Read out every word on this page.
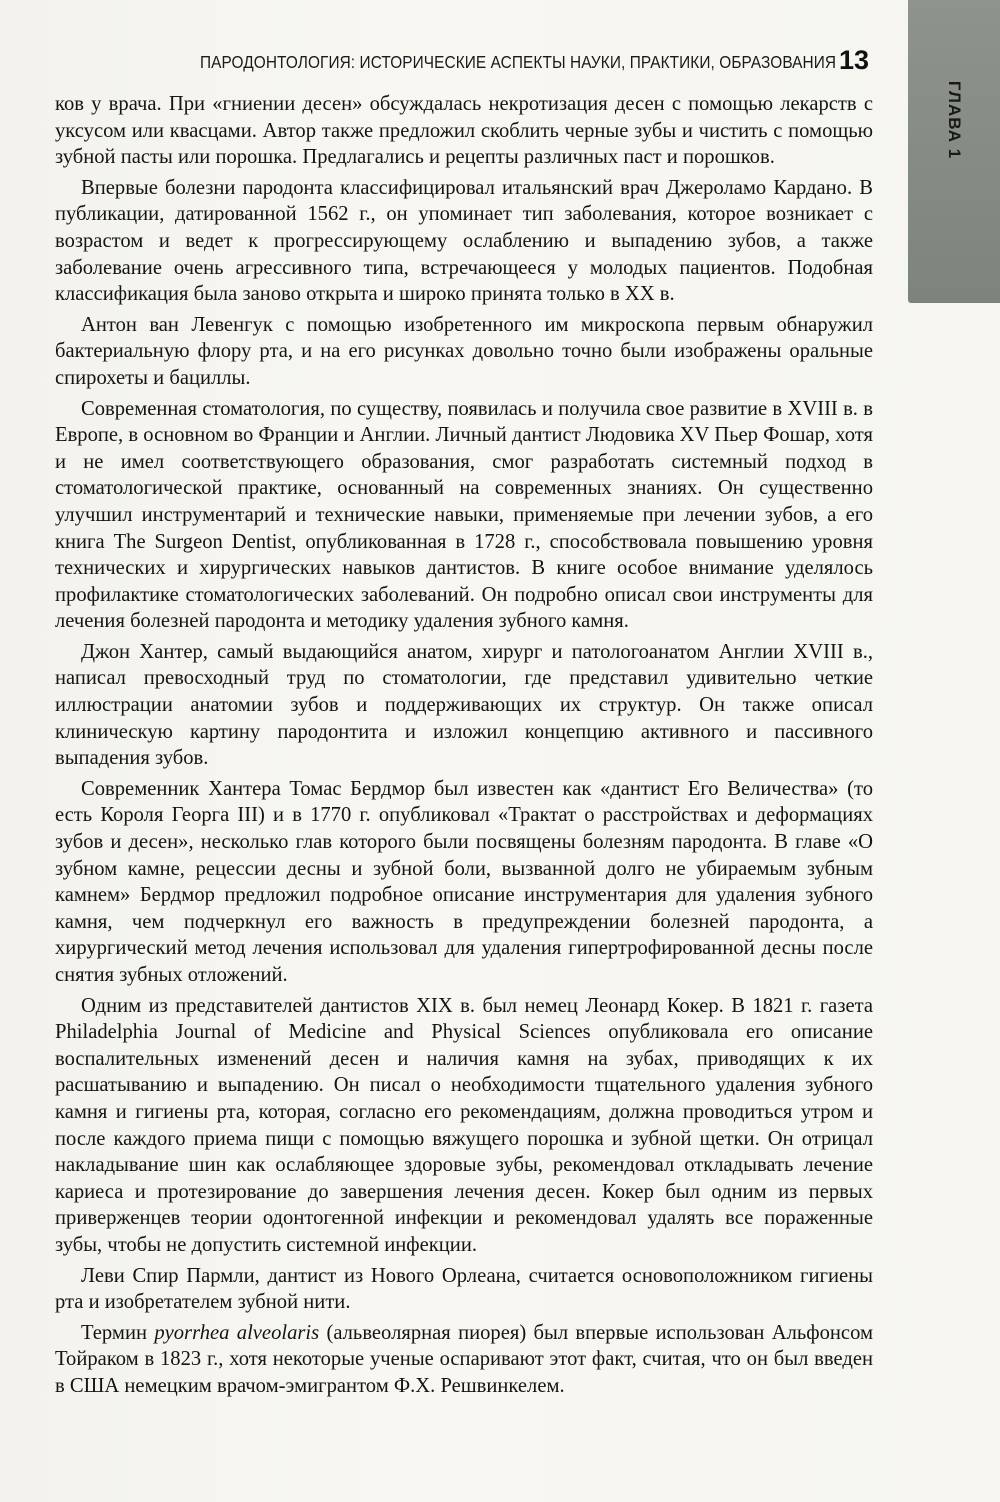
ГЛАВА 1
ПАРОДОНТОЛОГИЯ: ИСТОРИЧЕСКИЕ АСПЕКТЫ НАУКИ, ПРАКТИКИ, ОБРАЗОВАНИЯ 13

ков у врача. При «гниении десен» обсуждалась некротизация десен с помощью лекарств с уксусом или квасцами. Автор также предложил скоблить черные зубы и чистить с помощью зубной пасты или порошка. Предлагались и рецепты различных паст и порошков.

Впервые болезни пародонта классифицировал итальянский врач Джероламо Кардано. В публикации, датированной 1562 г., он упоминает тип заболевания, которое возникает с возрастом и ведет к прогрессирующему ослаблению и выпадению зубов, а также заболевание очень агрессивного типа, встречающееся у молодых пациентов. Подобная классификация была заново открыта и широко принята только в XX в.

Антон ван Левенгук с помощью изобретенного им микроскопа первым обнаружил бактериальную флору рта, и на его рисунках довольно точно были изображены оральные спирохеты и бациллы.

Современная стоматология, по существу, появилась и получила свое развитие в XVIII в. в Европе, в основном во Франции и Англии. Личный дантист Людовика XV Пьер Фошар, хотя и не имел соответствующего образования, смог разработать системный подход в стоматологической практике, основанный на современных знаниях. Он существенно улучшил инструментарий и технические навыки, применяемые при лечении зубов, а его книга The Surgeon Dentist, опубликованная в 1728 г., способствовала повышению уровня технических и хирургических навыков дантистов. В книге особое внимание уделялось профилактике стоматологических заболеваний. Он подробно описал свои инструменты для лечения болезней пародонта и методику удаления зубного камня.

Джон Хантер, самый выдающийся анатом, хирург и патологоанатом Англии XVIII в., написал превосходный труд по стоматологии, где представил удивительно четкие иллюстрации анатомии зубов и поддерживающих их структур. Он также описал клиническую картину пародонтита и изложил концепцию активного и пассивного выпадения зубов.

Современник Хантера Томас Бердмор был известен как «дантист Его Величества» (то есть Короля Георга III) и в 1770 г. опубликовал «Трактат о расстройствах и деформациях зубов и десен», несколько глав которого были посвящены болезням пародонта. В главе «О зубном камне, рецессии десны и зубной боли, вызванной долго не убираемым зубным камнем» Бердмор предложил подробное описание инструментария для удаления зубного камня, чем подчеркнул его важность в предупреждении болезней пародонта, а хирургический метод лечения использовал для удаления гипертрофированной десны после снятия зубных отложений.

Одним из представителей дантистов XIX в. был немец Леонард Кокер. В 1821 г. газета Philadelphia Journal of Medicine and Physical Sciences опубликовала его описание воспалительных изменений десен и наличия камня на зубах, приводящих к их расшатыванию и выпадению. Он писал о необходимости тщательного удаления зубного камня и гигиены рта, которая, согласно его рекомендациям, должна проводиться утром и после каждого приема пищи с помощью вяжущего порошка и зубной щетки. Он отрицал накладывание шин как ослабляющее здоровые зубы, рекомендовал откладывать лечение кариеса и протезирование до завершения лечения десен. Кокер был одним из первых приверженцев теории одонтогенной инфекции и рекомендовал удалять все пораженные зубы, чтобы не допустить системной инфекции.

Леви Спир Пармли, дантист из Нового Орлеана, считается основоположником гигиены рта и изобретателем зубной нити.

Термин pyorrhea alveolaris (альвеолярная пиорея) был впервые использован Альфонсом Тойраком в 1823 г., хотя некоторые ученые оспаривают этот факт, считая, что он был введен в США немецким врачом-эмигрантом Ф.Х. Решвинкелем.
